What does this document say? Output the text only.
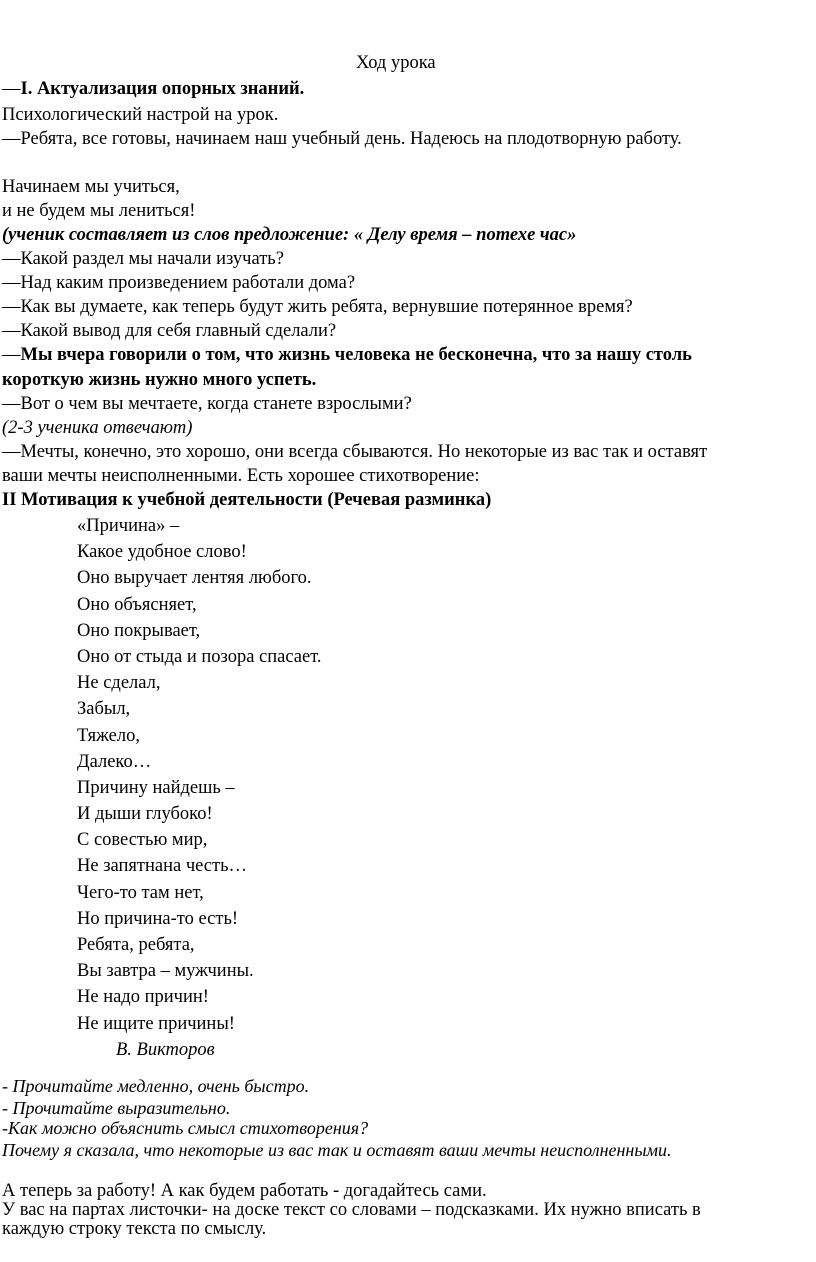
Ход урока
—I. Актуализация опорных знаний.
Психологический настрой на урок.
—Ребята, все готовы, начинаем наш учебный день. Надеюсь на плодотворную работу.
Начинаем мы учиться,
и не будем мы лениться!
(ученик составляет из слов предложение: « Делу время – потехе час»
—Какой раздел мы начали изучать?
—Над каким произведением работали дома?
—Как вы думаете, как теперь будут жить ребята, вернувшие потерянное время?
—Какой вывод для себя главный сделали?
—Мы вчера говорили о том, что жизнь человека не бесконечна, что за нашу столь
короткую жизнь нужно много успеть.
—Вот о чем вы мечтаете, когда станете взрослыми?
(2-3 ученика отвечают)
—Мечты, конечно, это хорошо, они всегда сбываются. Но некоторые из вас так и оставят
ваши мечты неисполненными. Есть хорошее стихотворение:
II Мотивация к учебной деятельности (Речевая разминка)
«Причина» –
Какое удобное слово!
Оно выручает лентяя любого.
Оно объясняет,
Оно покрывает,
Оно от стыда и позора спасает.
Не сделал,
Забыл,
Тяжело,
Далеко…
Причину найдешь –
И дыши глубоко!
С совестью мир,
Не запятнана честь…
Чего-то там нет,
Но причина-то есть!
Ребята, ребята,
Вы завтра – мужчины.
Не надо причин!
Не ищите причины!
В. Викторов
- Прочитайте медленно, очень быстро.
- Прочитайте выразительно.
-Как можно объяснить смысл стихотворения?
Почему я сказала, что некоторые из вас так и оставят ваши мечты неисполненными.
А теперь за работу! А как будем работать - догадайтесь сами.
У вас на партах листочки- на доске текст со словами – подсказками. Их нужно вписать в
каждую строку текста по смыслу.
